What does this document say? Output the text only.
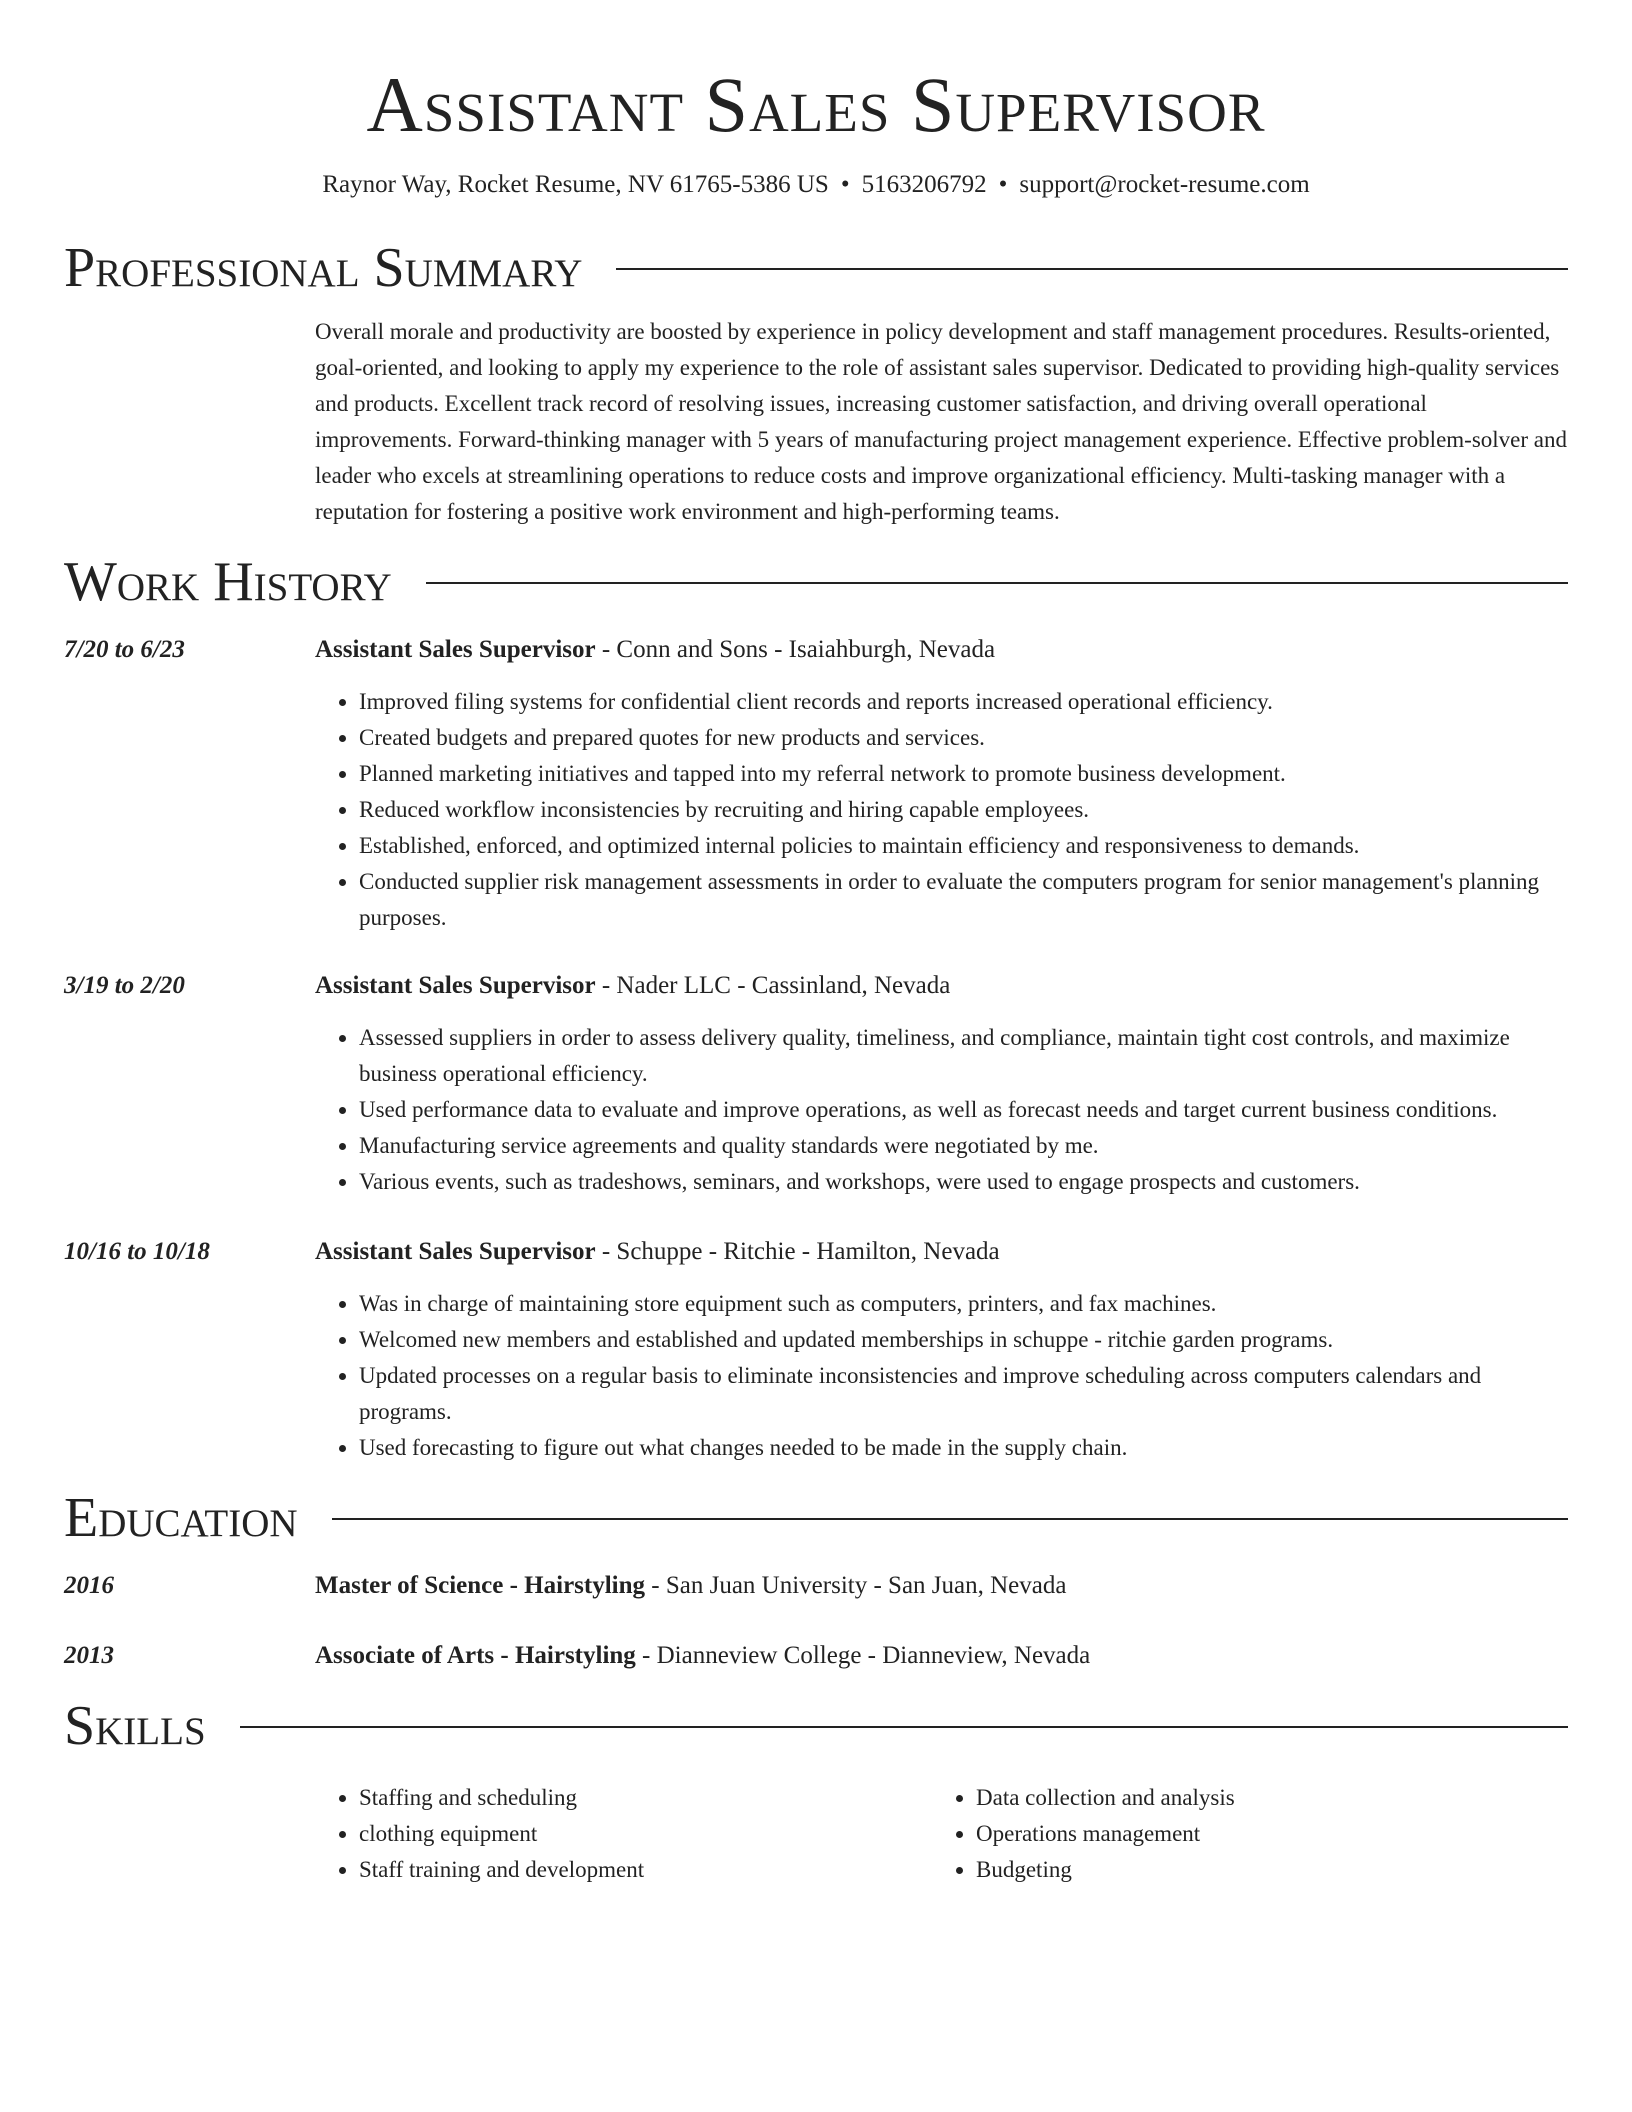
Assistant Sales Supervisor
Raynor Way, Rocket Resume, NV 61765-5386 US • 5163206792 • support@rocket-resume.com
Professional Summary

Overall morale and productivity are boosted by experience in policy development and staff management procedures. Results-oriented, goal-oriented, and looking to apply my experience to the role of assistant sales supervisor. Dedicated to providing high-quality services and products. Excellent track record of resolving issues, increasing customer satisfaction, and driving overall operational improvements. Forward-thinking manager with 5 years of manufacturing project management experience. Effective problem-solver and leader who excels at streamlining operations to reduce costs and improve organizational efficiency. Multi-tasking manager with a reputation for fostering a positive work environment and high-performing teams.

Work History
7/20 to 6/23	Assistant Sales Supervisor - Conn and Sons - Isaiahburgh, Nevada
• Improved filing systems for confidential client records and reports increased operational efficiency.
• Created budgets and prepared quotes for new products and services.
• Planned marketing initiatives and tapped into my referral network to promote business development.
• Reduced workflow inconsistencies by recruiting and hiring capable employees.
• Established, enforced, and optimized internal policies to maintain efficiency and responsiveness to demands.
• Conducted supplier risk management assessments in order to evaluate the computers program for senior management's planning purposes.
3/19 to 2/20	Assistant Sales Supervisor - Nader LLC - Cassinland, Nevada
• Assessed suppliers in order to assess delivery quality, timeliness, and compliance, maintain tight cost controls, and maximize business operational efficiency.
• Used performance data to evaluate and improve operations, as well as forecast needs and target current business conditions.
• Manufacturing service agreements and quality standards were negotiated by me.
• Various events, such as tradeshows, seminars, and workshops, were used to engage prospects and customers.
10/16 to 10/18	Assistant Sales Supervisor - Schuppe - Ritchie - Hamilton, Nevada
• Was in charge of maintaining store equipment such as computers, printers, and fax machines.
• Welcomed new members and established and updated memberships in schuppe - ritchie garden programs.
• Updated processes on a regular basis to eliminate inconsistencies and improve scheduling across computers calendars and programs.
• Used forecasting to figure out what changes needed to be made in the supply chain.
Education
2016	Master of Science - Hairstyling - San Juan University - San Juan, Nevada
2013	Associate of Arts - Hairstyling - Dianneview College - Dianneview, Nevada
Skills
• Staffing and scheduling
• clothing equipment
• Staff training and development
• Data collection and analysis
• Operations management
• Budgeting
